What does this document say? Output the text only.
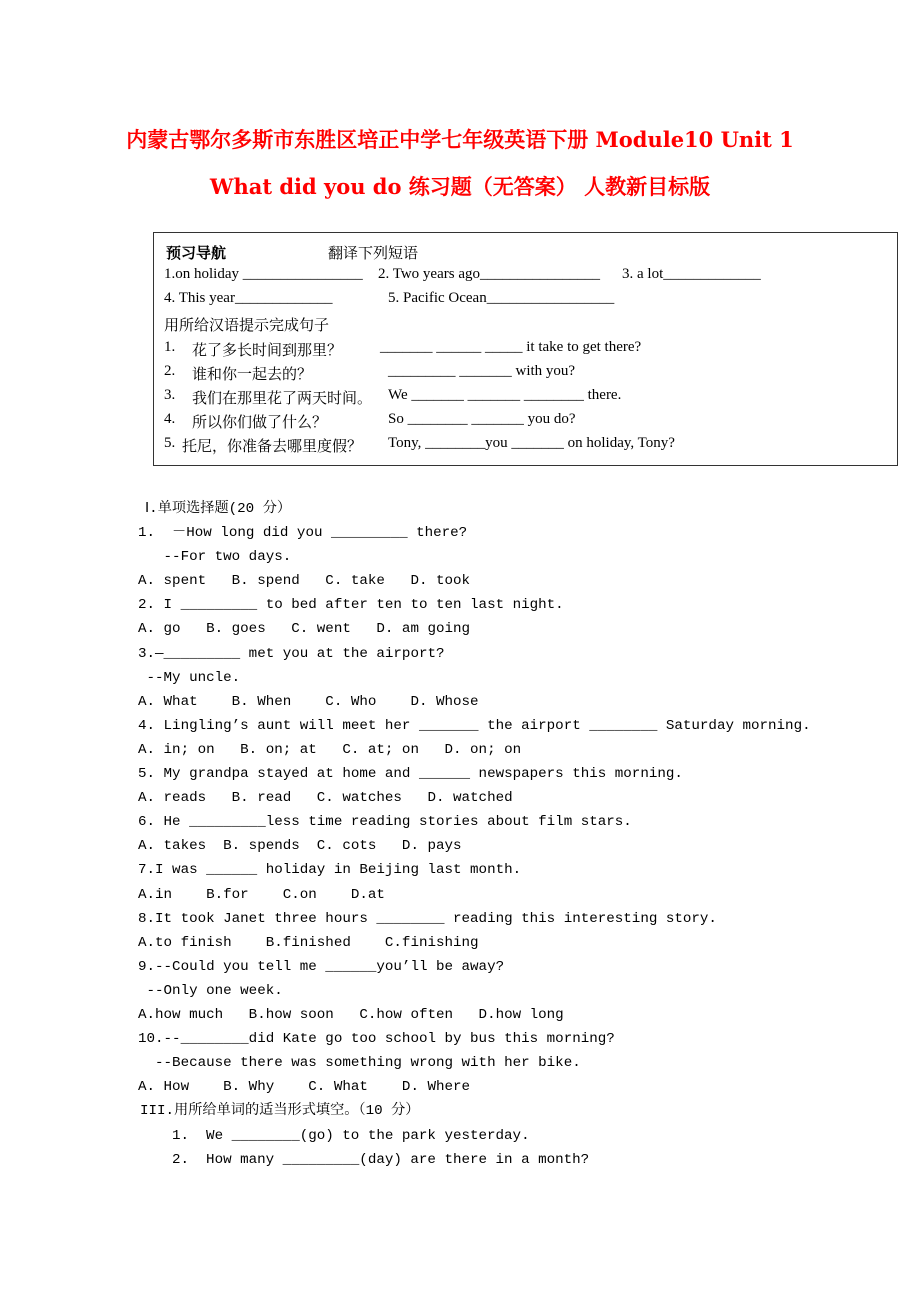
内蒙古鄂尔多斯市东胜区培正中学七年级英语下册 Module10 Unit 1
What did you do 练习题（无答案） 人教新目标版
预习导航	翻译下列短语
1.on holiday ________________ 2. Two years ago________________ 3. a lot_____________
4. This year_____________	5. Pacific Ocean_________________
用所给汉语提示完成句子
1. 花了多长时间到那里？	_______ ______ _____ it take to get there?
2. 谁和你一起去的？	_________ _______ with you?
3. 我们在那里花了两天时间。 We _______ _______ ________ there.
4. 所以你们做了什么？	So ________ _______ you do?
5. 托尼，你准备去哪里度假？ Tony, ________you _______ on holiday, Tony?
Ⅰ.单项选择题(20 分）
1.  －How long did you _________ there?
--For two days.
A. spent   B. spend   C. take   D. took
2. I _________ to bed after ten to ten last night.
A. go   B. goes   C. went   D. am going
3.—_________ met you at the airport?
--My uncle.
A. What    B. When    C. Who    D. Whose
4. Lingling’s aunt will meet her _______ the airport ________ Saturday morning.
A. in; on   B. on; at   C. at; on   D. on; on
5. My grandpa stayed at home and ______ newspapers this morning.
A. reads   B. read   C. watches   D. watched
6. He _________less time reading stories about film stars.
A. takes  B. spends  C. cots   D. pays
7.I was ______ holiday in Beijing last month.
A.in    B.for    C.on    D.at
8.It took Janet three hours ________ reading this interesting story.
A.to finish    B.finished    C.finishing
9.--Could you tell me ______you’ll be away?
--Only one week.
A.how much   B.how soon   C.how often   D.how long
10.--________did Kate go too school by bus this morning?
--Because there was something wrong with her bike.
A. How    B. Why    C. What    D. Where
III.用所给单词的适当形式填空。（10 分）
1.  We ________(go) to the park yesterday.
2.  How many _________(day) are there in a month?
